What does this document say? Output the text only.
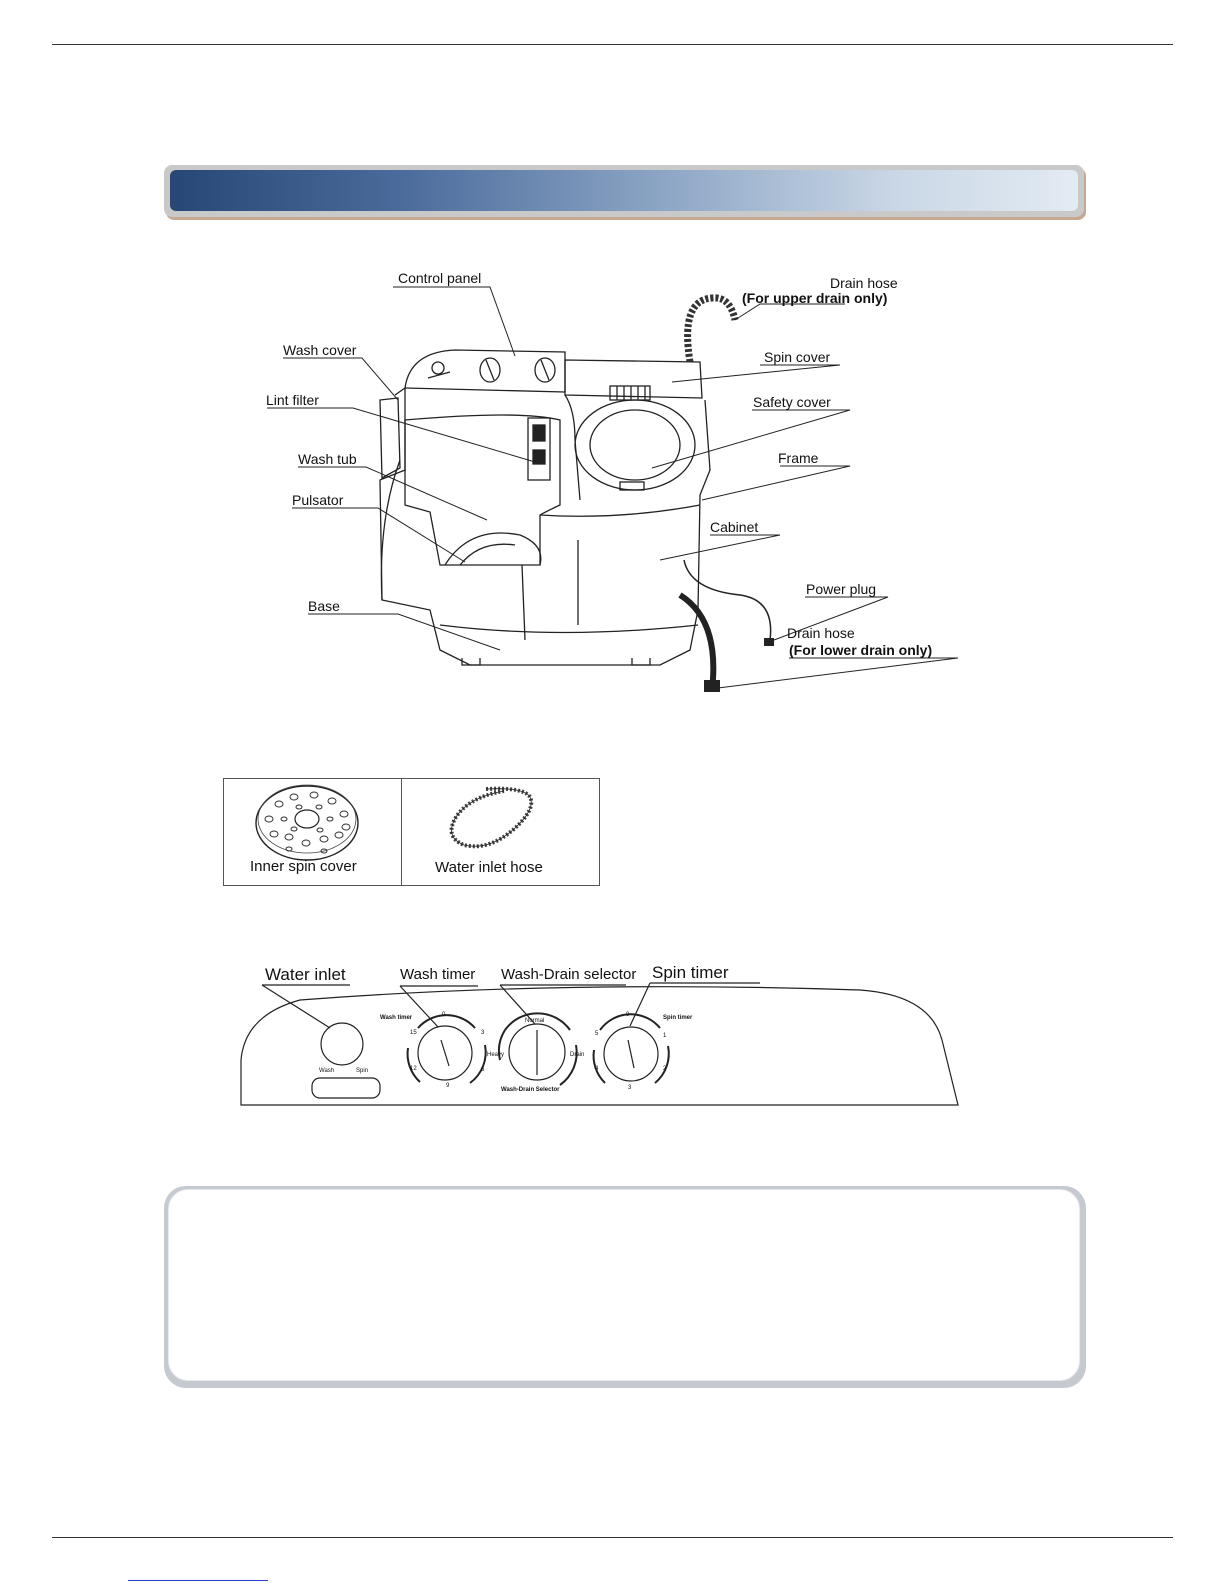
Control panel	Drain hose
(For upper drain only)
Wash cover	Spin cover
Lint filter	Safety cover
Wash tub	Frame
Pulsator
Cabinet
Power plug
Base
Drain hose
(For lower drain only)
Inner spin cover	Water inlet hose
Water inlet	Wash timer Wash-Drain selector Spin timer
Wash	Spin
Wash timer	0
3
6
9
12
15
Normal
Heavy	Drain
Wash-Drain Selector
0	Spin timer
1
2
3
4
5
